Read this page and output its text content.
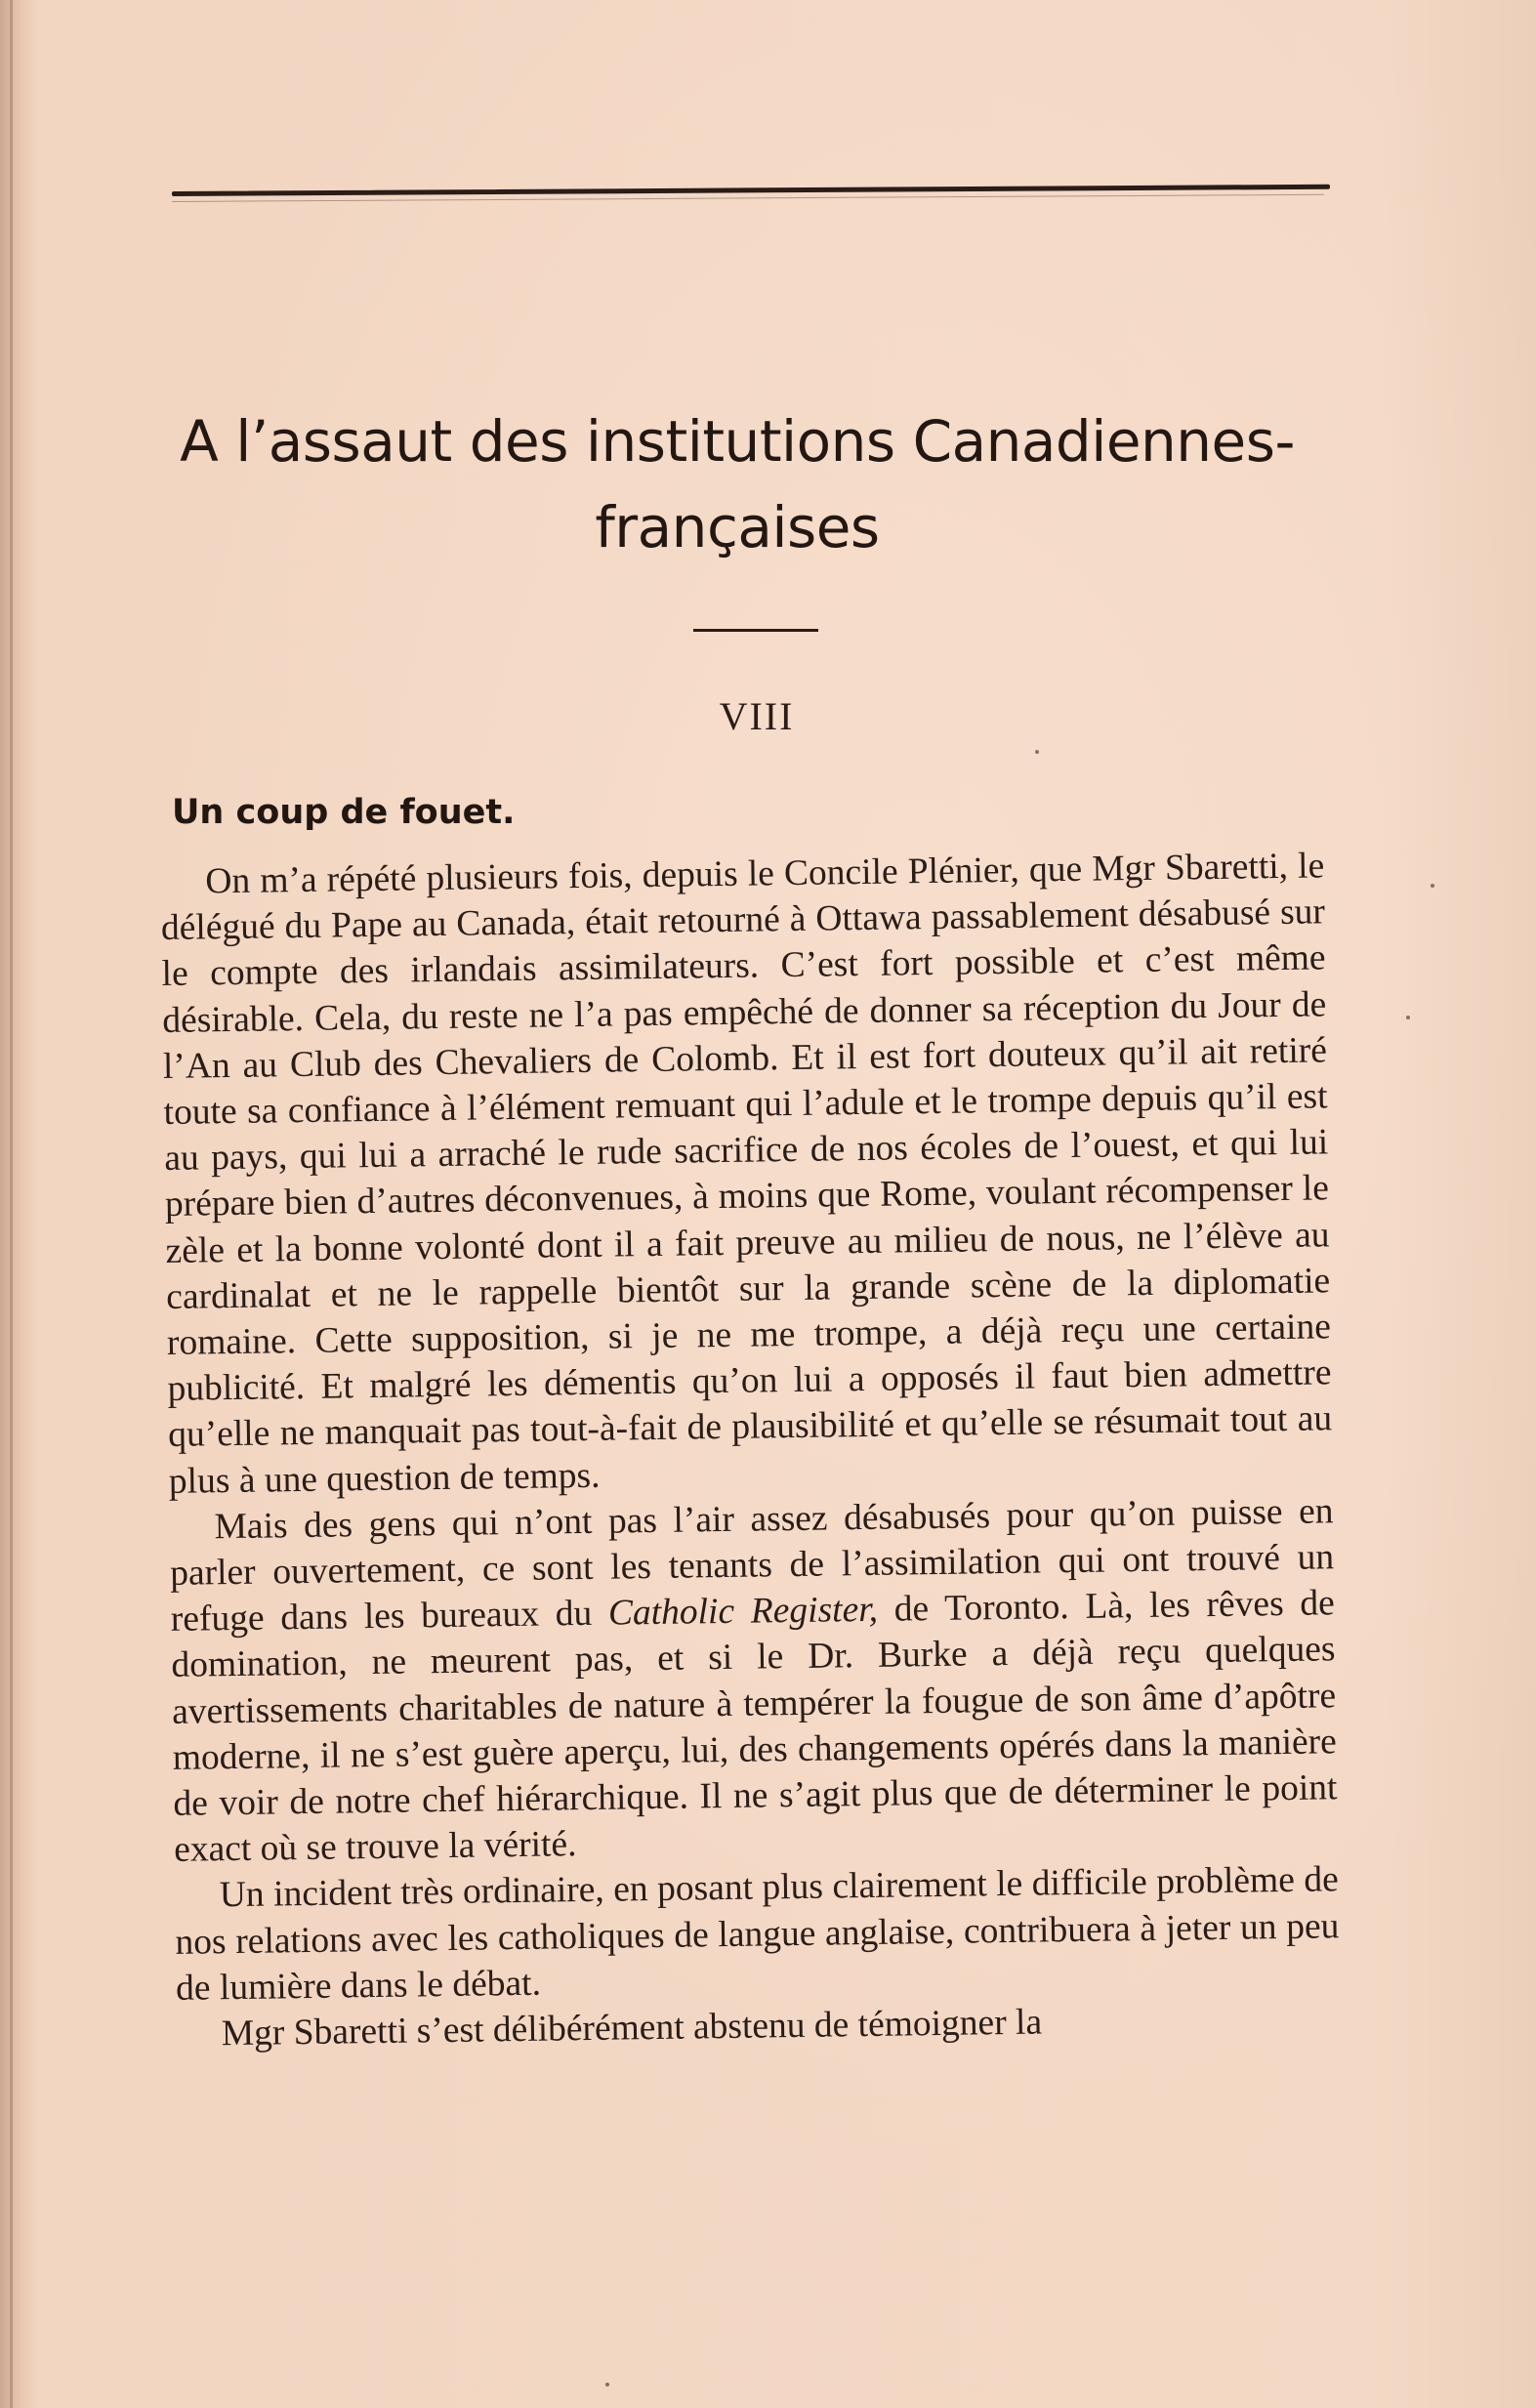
A l’assaut des institutions Canadiennes-
françaises
VIII
Un coup de fouet.

On m’a répété plusieurs fois, depuis le Concile Plénier, que Mgr Sbaretti, le délégué du Pape au Canada, était retourné à Ottawa passablement désabusé sur le compte des irlandais assimilateurs. C’est fort possible et c’est même désirable. Cela, du reste ne l’a pas empêché de donner sa réception du Jour de l’An au Club des Chevaliers de Colomb. Et il est fort douteux qu’il ait retiré toute sa confiance à l’élément remuant qui l’adule et le trompe depuis qu’il est au pays, qui lui a arraché le rude sacrifice de nos écoles de l’ouest, et qui lui prépare bien d’autres déconvenues, à moins que Rome, voulant récompenser le zèle et la bonne volonté dont il a fait preuve au milieu de nous, ne l’élève au cardinalat et ne le rappelle bientôt sur la grande scène de la diplomatie romaine. Cette supposition, si je ne me trompe, a déjà reçu une certaine publicité. Et malgré les démentis qu’on lui a opposés il faut bien admettre qu’elle ne manquait pas tout-à-fait de plausibilité et qu’elle se résumait tout au plus à une question de temps.

Mais des gens qui n’ont pas l’air assez désabusés pour qu’on puisse en parler ouvertement, ce sont les tenants de l’assimilation qui ont trouvé un refuge dans les bureaux du Catholic Register, de Toronto. Là, les rêves de domination, ne meurent pas, et si le Dr. Burke a déjà reçu quelques avertissements charitables de nature à tempérer la fougue de son âme d’apôtre moderne, il ne s’est guère aperçu, lui, des changements opérés dans la manière de voir de notre chef hiérarchique. Il ne s’agit plus que de déterminer le point exact où se trouve la vérité.

Un incident très ordinaire, en posant plus clairement le difficile problème de nos relations avec les catholiques de langue anglaise, contribuera à jeter un peu de lumière dans le débat.

Mgr Sbaretti s’est délibérément abstenu de témoigner la
